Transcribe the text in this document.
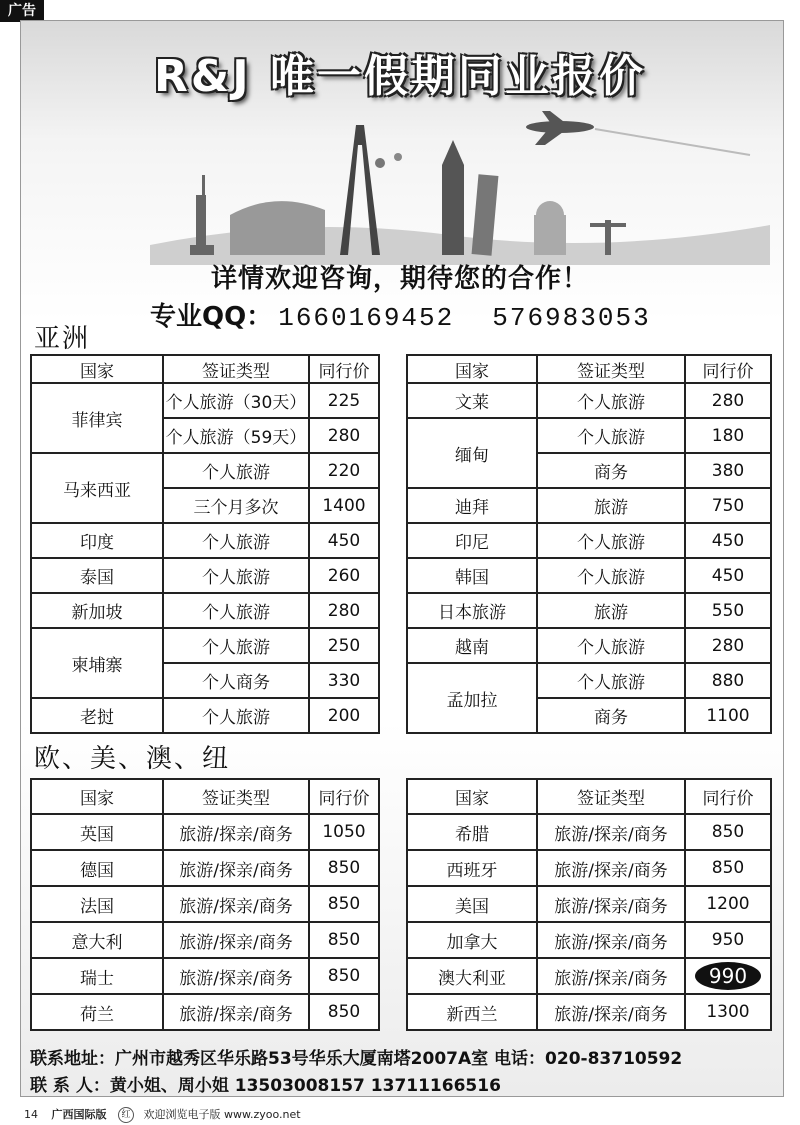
广告
R&J 唯一假期同业报价
详情欢迎咨询，期待您的合作！
专业QQ： 1660169452 576983053
亚洲
国家	签证类型	同行价
菲律宾	个人旅游（30天）	225
	个人旅游（59天）	280
马来西亚	个人旅游	220
	三个月多次	1400
印度	个人旅游	450
泰国	个人旅游	260
新加坡	个人旅游	280
柬埔寨	个人旅游	250
	个人商务	330
老挝	个人旅游	200
国家	签证类型	同行价
文莱	个人旅游	280
缅甸	个人旅游	180
	商务	380
迪拜	旅游	750
印尼	个人旅游	450
韩国	个人旅游	450
日本旅游	旅游	550
越南	个人旅游	280
孟加拉	个人旅游	880
	商务	1100
欧、美、澳、纽
国家	签证类型	同行价
英国	旅游/探亲/商务	1050
德国	旅游/探亲/商务	850
法国	旅游/探亲/商务	850
意大利	旅游/探亲/商务	850
瑞士	旅游/探亲/商务	850
荷兰	旅游/探亲/商务	850
国家	签证类型	同行价
希腊	旅游/探亲/商务	850
西班牙	旅游/探亲/商务	850
美国	旅游/探亲/商务	1200
加拿大	旅游/探亲/商务	950
澳大利亚	旅游/探亲/商务	990
新西兰	旅游/探亲/商务	1300
联系地址：广州市越秀区华乐路53号华乐大厦南塔2007A室 电话：020-83710592
联 系 人：黄小姐、周小姐 13503008157 13711166516
14 广西国际版 红 欢迎浏览电子版 www.zyoo.net
